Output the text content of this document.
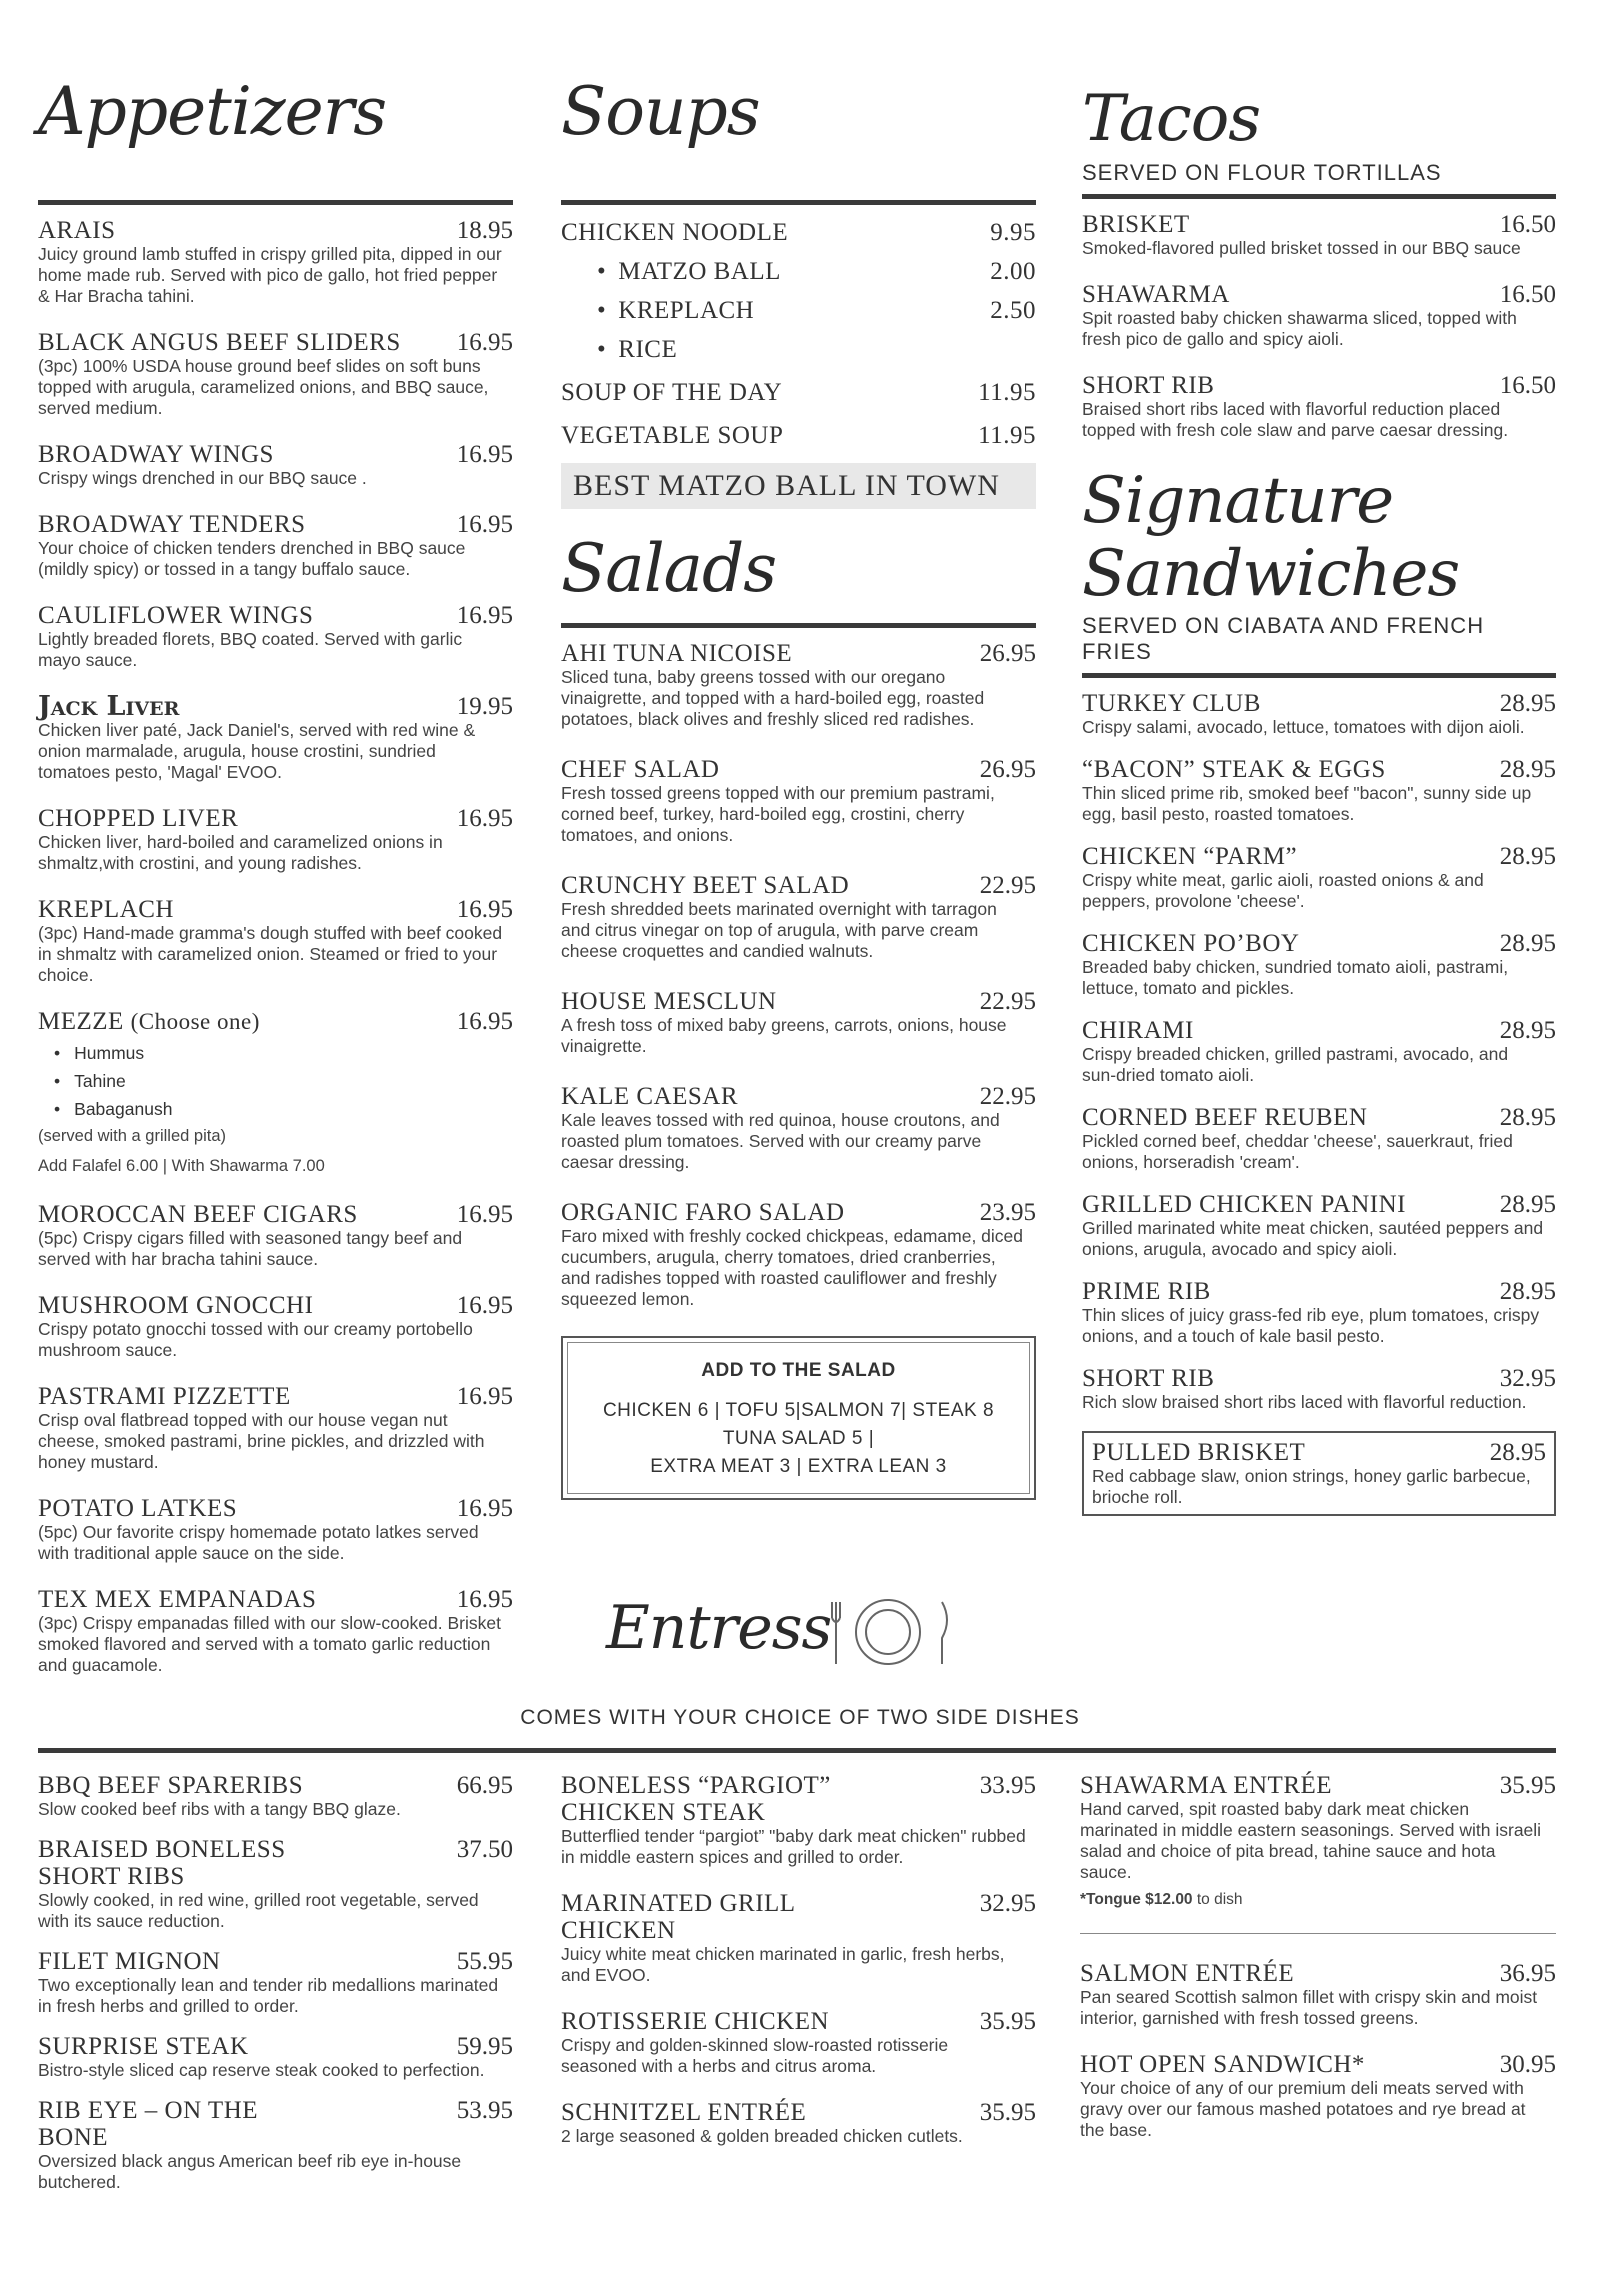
Appetizers
ARAIS	18.95
Juicy ground lamb stuffed in crispy grilled pita, dipped in our home made rub. Served with pico de gallo, hot fried pepper & Har Bracha tahini.
BLACK ANGUS BEEF SLIDERS	16.95
(3pc) 100% USDA house ground beef slides on soft buns topped with arugula, caramelized onions, and BBQ sauce, served medium.
BROADWAY WINGS	16.95
Crispy wings drenched in our BBQ sauce .
BROADWAY TENDERS	16.95
Your choice of chicken tenders drenched in BBQ sauce (mildly spicy) or tossed in a tangy buffalo sauce.
CAULIFLOWER WINGS	16.95
Lightly breaded florets, BBQ coated. Served with garlic mayo sauce.
Jack Liver	19.95
Chicken liver paté, Jack Daniel's, served with red wine & onion marmalade, arugula, house crostini, sundried tomatoes pesto, 'Magal' EVOO.
CHOPPED LIVER	16.95
Chicken liver, hard-boiled and caramelized onions in shmaltz,with crostini, and young radishes.
KREPLACH	16.95
(3pc) Hand-made gramma's dough stuffed with beef cooked in shmaltz with caramelized onion. Steamed or fried to your choice.
MEZZE (Choose one)	16.95
• Hummus
• Tahine
• Babaganush
(served with a grilled pita)
Add Falafel 6.00 | With Shawarma 7.00
MOROCCAN BEEF CIGARS	16.95
(5pc) Crispy cigars filled with seasoned tangy beef and served with har bracha tahini sauce.
MUSHROOM GNOCCHI	16.95
Crispy potato gnocchi tossed with our creamy portobello mushroom sauce.
PASTRAMI PIZZETTE	16.95
Crisp oval flatbread topped with our house vegan nut cheese, smoked pastrami, brine pickles, and drizzled with honey mustard.
POTATO LATKES	16.95
(5pc) Our favorite crispy homemade potato latkes served with traditional apple sauce on the side.
TEX MEX EMPANADAS	16.95
(3pc) Crispy empanadas filled with our slow-cooked. Brisket smoked flavored and served with a tomato garlic reduction and guacamole.
Soups
CHICKEN NOODLE	9.95
• MATZO BALL	2.00
• KREPLACH	2.50
• RICE
SOUP OF THE DAY	11.95
VEGETABLE SOUP	11.95
BEST MATZO BALL IN TOWN
Salads
AHI TUNA NICOISE	26.95
Sliced tuna, baby greens tossed with our oregano vinaigrette, and topped with a hard-boiled egg, roasted potatoes, black olives and freshly sliced red radishes.
CHEF SALAD	26.95
Fresh tossed greens topped with our premium pastrami, corned beef, turkey, hard-boiled egg, crostini, cherry tomatoes, and onions.
CRUNCHY BEET SALAD	22.95
Fresh shredded beets marinated overnight with tarragon and citrus vinegar on top of arugula, with parve cream cheese croquettes and candied walnuts.
HOUSE MESCLUN	22.95
A fresh toss of mixed baby greens, carrots, onions, house vinaigrette.
KALE CAESAR	22.95
Kale leaves tossed with red quinoa, house croutons, and roasted plum tomatoes. Served with our creamy parve caesar dressing.
ORGANIC FARO SALAD	23.95
Faro mixed with freshly cocked chickpeas, edamame, diced cucumbers, arugula, cherry tomatoes, dried cranberries, and radishes topped with roasted cauliflower and freshly squeezed lemon.
ADD TO THE SALAD
CHICKEN 6 | TOFU 5|SALMON 7| STEAK 8
TUNA SALAD 5 |
EXTRA MEAT 3 | EXTRA LEAN 3
Tacos
SERVED ON FLOUR TORTILLAS
BRISKET	16.50
Smoked-flavored pulled brisket tossed in our BBQ sauce
SHAWARMA	16.50
Spit roasted baby chicken shawarma sliced, topped with fresh pico de gallo and spicy aioli.
SHORT RIB	16.50
Braised short ribs laced with flavorful reduction placed topped with fresh cole slaw and parve caesar dressing.
Signature
Sandwiches
SERVED ON CIABATA AND FRENCH FRIES
TURKEY CLUB	28.95
Crispy salami, avocado, lettuce, tomatoes with dijon aioli.
“BACON” STEAK & EGGS	28.95
Thin sliced prime rib, smoked beef "bacon", sunny side up egg, basil pesto, roasted tomatoes.
CHICKEN “PARM”	28.95
Crispy white meat, garlic aioli, roasted onions & and peppers, provolone 'cheese'.
CHICKEN PO’BOY	28.95
Breaded baby chicken, sundried tomato aioli, pastrami, lettuce, tomato and pickles.
CHIRAMI	28.95
Crispy breaded chicken, grilled pastrami, avocado, and sun-dried tomato aioli.
CORNED BEEF REUBEN	28.95
Pickled corned beef, cheddar 'cheese', sauerkraut, fried onions, horseradish 'cream'.
GRILLED CHICKEN PANINI	28.95
Grilled marinated white meat chicken, sautéed peppers and onions, arugula, avocado and spicy aioli.
PRIME RIB	28.95
Thin slices of juicy grass-fed rib eye, plum tomatoes, crispy onions, and a touch of kale basil pesto.
SHORT RIB	32.95
Rich slow braised short ribs laced with flavorful reduction.
PULLED BRISKET	28.95
Red cabbage slaw, onion strings, honey garlic barbecue, brioche roll.
Entress
COMES WITH YOUR CHOICE OF TWO SIDE DISHES
BBQ BEEF SPARERIBS	66.95
Slow cooked beef ribs with a tangy BBQ glaze.
BRAISED BONELESS SHORT RIBS
37.50
Slowly cooked, in red wine, grilled root vegetable, served with its sauce reduction.
FILET MIGNON	55.95
Two exceptionally lean and tender rib medallions marinated in fresh herbs and grilled to order.
SURPRISE STEAK	59.95
Bistro-style sliced cap reserve steak cooked to perfection.
RIB EYE – ON THE BONE
53.95
Oversized black angus American beef rib eye in-house butchered.
BONELESS “PARGIOT” CHICKEN STEAK
33.95
Butterflied tender “pargiot” "baby dark meat chicken" rubbed in middle eastern spices and grilled to order.
MARINATED GRILL CHICKEN
32.95
Juicy white meat chicken marinated in garlic, fresh herbs, and EVOO.
ROTISSERIE CHICKEN	35.95
Crispy and golden-skinned slow-roasted rotisserie seasoned with a herbs and citrus aroma.
SCHNITZEL ENTRÉE	35.95
2 large seasoned & golden breaded chicken cutlets.
SHAWARMA ENTRÉE	35.95
Hand carved, spit roasted baby dark meat chicken marinated in middle eastern seasonings. Served with israeli salad and choice of pita bread, tahine sauce and hota sauce.
*Tongue $12.00 to dish
SALMON ENTRÉE	36.95
Pan seared Scottish salmon fillet with crispy skin and moist interior, garnished with fresh tossed greens.
HOT OPEN SANDWICH*	30.95
Your choice of any of our premium deli meats served with gravy over our famous mashed potatoes and rye bread at the base.
